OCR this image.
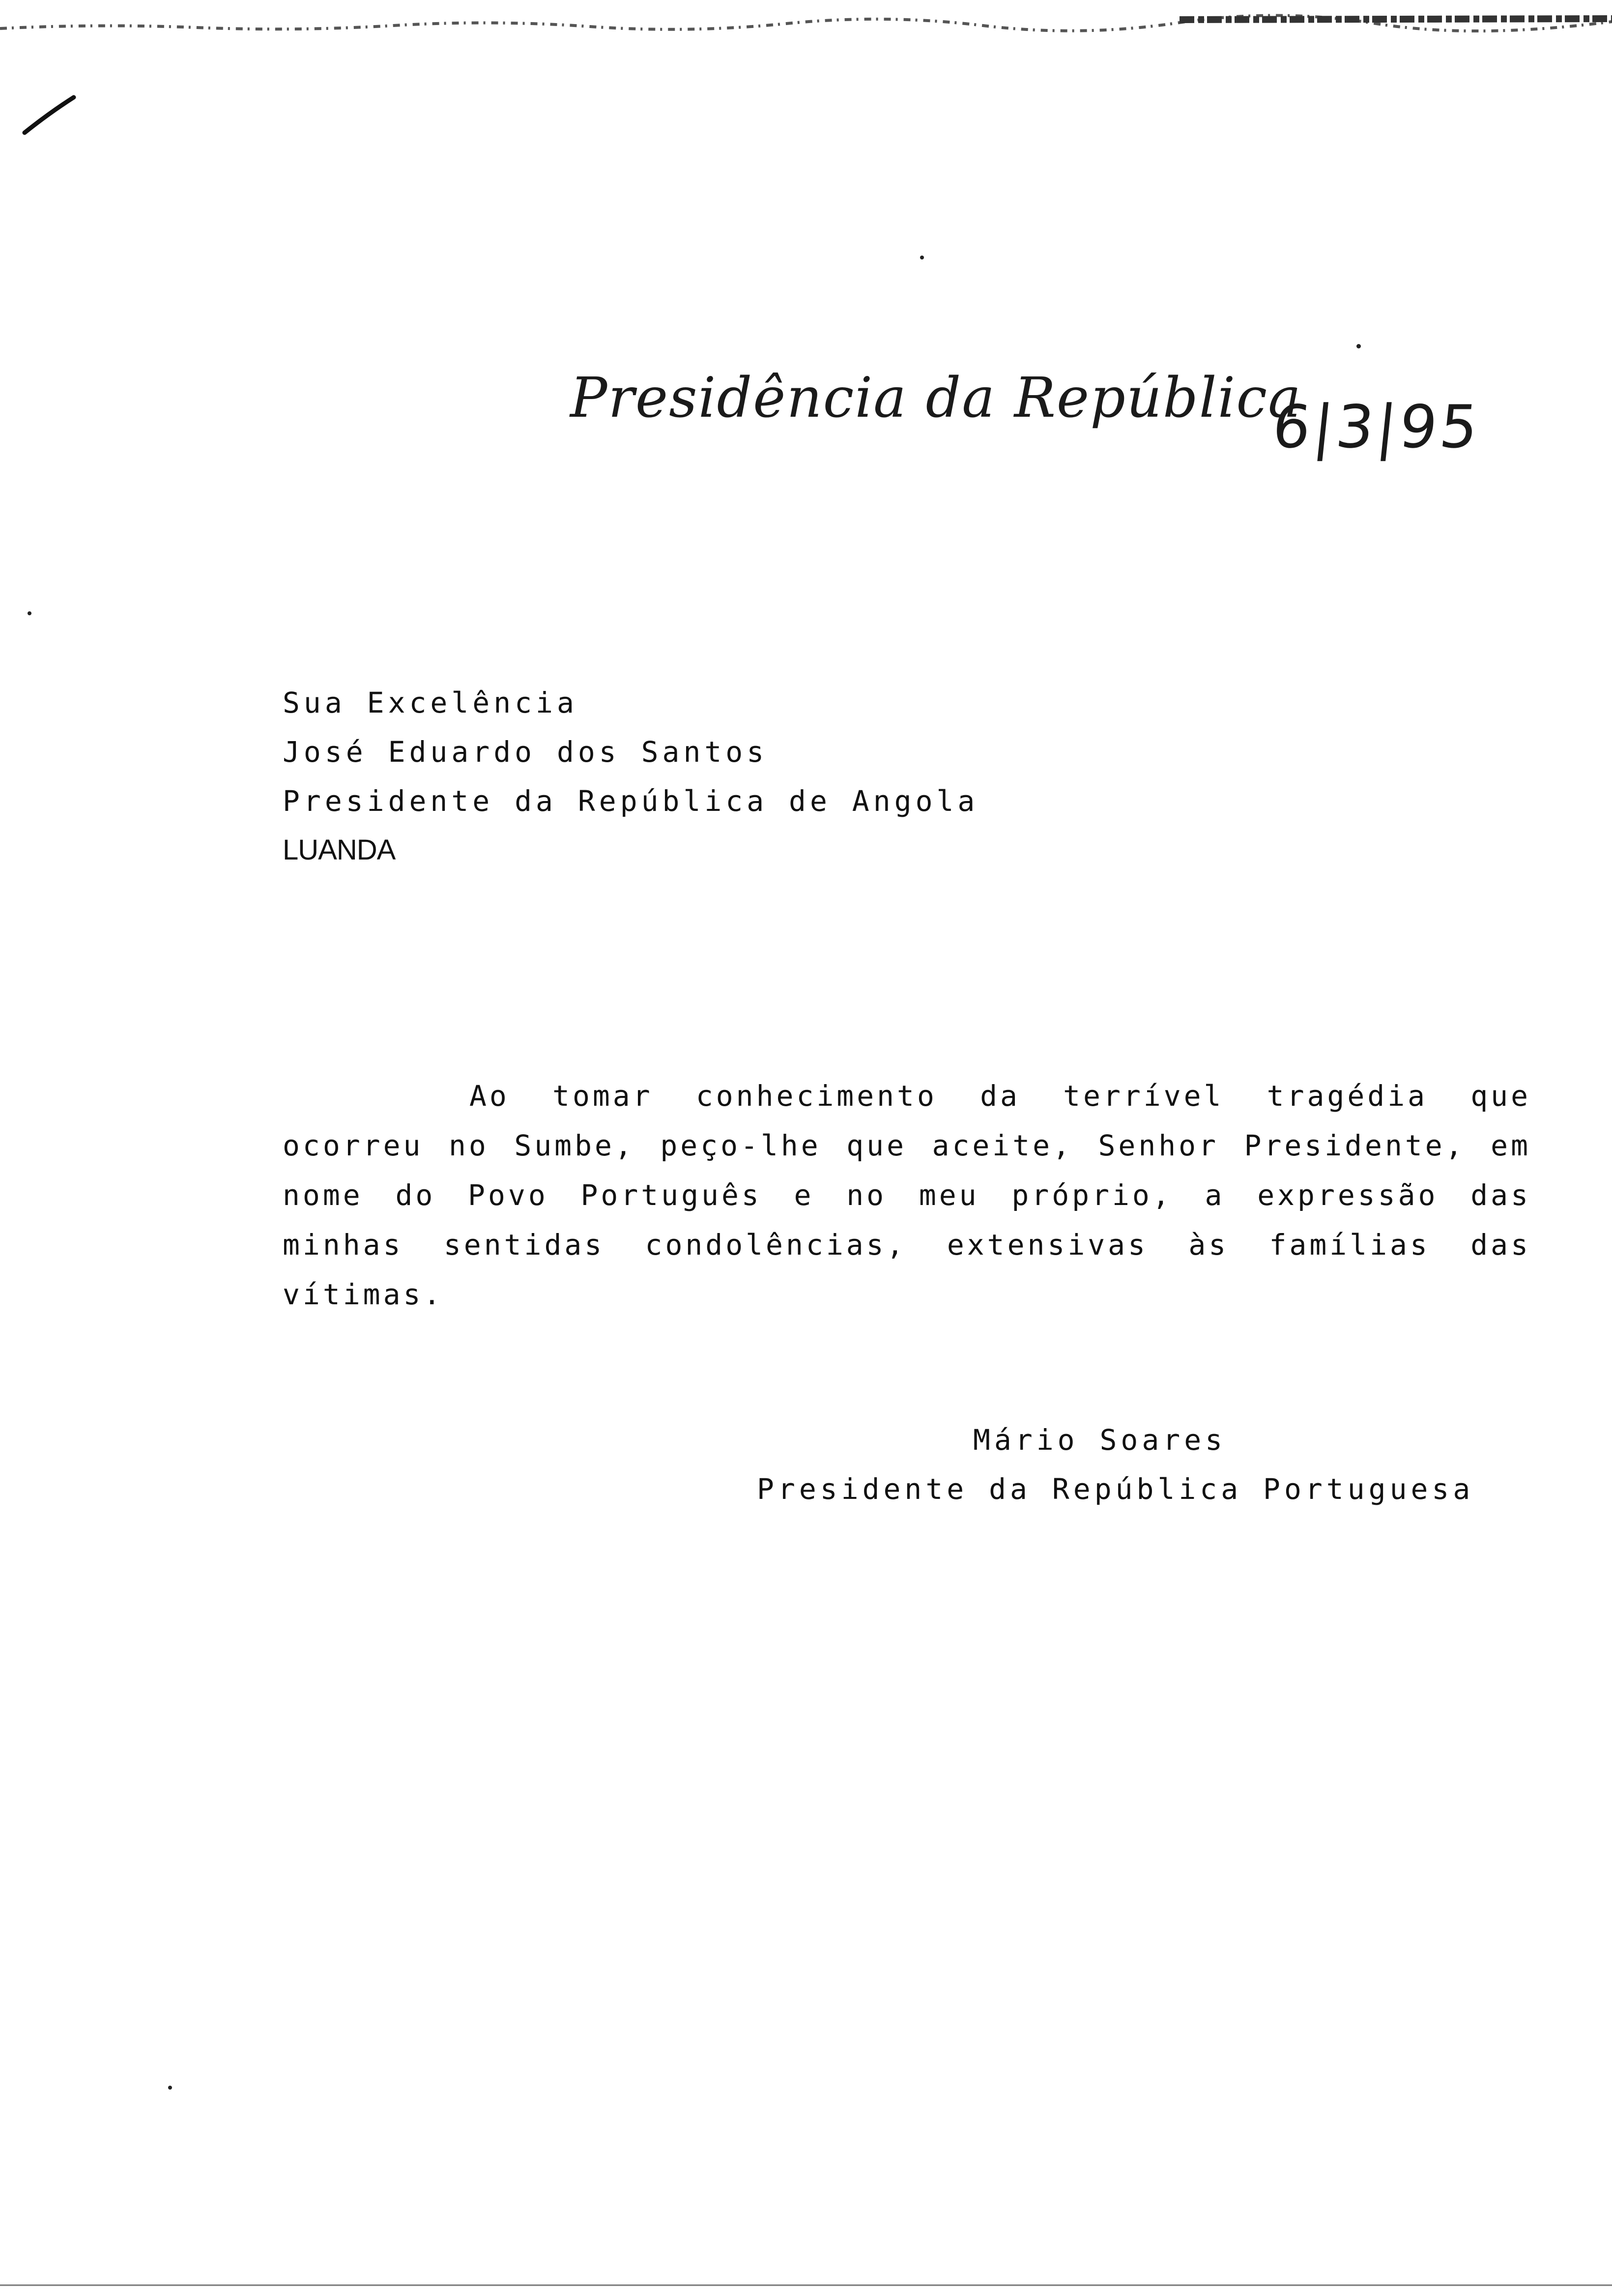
Presidência da República
6|3|95
Sua Excelência
José Eduardo dos Santos
Presidente da República de Angola
LUANDA

Ao tomar conhecimento da terrível tragédia que ocorreu no Sumbe, peço-lhe que aceite, Senhor Presidente, em nome do Povo Português e no meu próprio, a expressão das minhas sentidas condolências, extensivas às famílias das vítimas.

Mário Soares
Presidente da República Portuguesa
